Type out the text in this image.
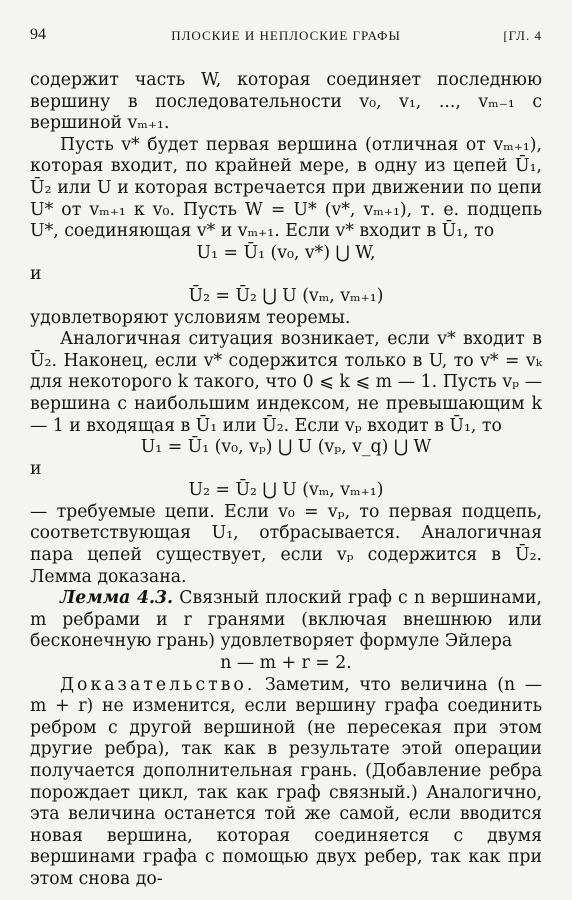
94	ПЛОСКИЕ И НЕПЛОСКИЕ ГРАФЫ	[ГЛ. 4

содержит часть W, которая соединяет последнюю вершину в последовательности v₀, v₁, ..., vₘ₋₁ с вершиной vₘ₊₁.

Пусть v* будет первая вершина (отличная от vₘ₊₁), которая входит, по крайней мере, в одну из цепей Ū₁, Ū₂ или U и которая встречается при движении по цепи U* от vₘ₊₁ к v₀. Пусть W = U* (v*, vₘ₊₁), т. е. подцепь U*, соединяющая v* и vₘ₊₁. Если v* входит в Ū₁, то

U₁ = Ū₁ (v₀, v*) ⋃ W,

и

Ū₂ = Ū₂ ⋃ U (vₘ, vₘ₊₁)

удовлетворяют условиям теоремы.

Аналогичная ситуация возникает, если v* входит в Ū₂. Наконец, если v* содержится только в U, то v* = vₖ для некоторого k такого, что 0 ⩽ k ⩽ m — 1. Пусть vₚ — вершина с наибольшим индексом, не превышающим k — 1 и входящая в Ū₁ или Ū₂. Если vₚ входит в Ū₁, то

U₁ = Ū₁ (v₀, vₚ) ⋃ U (vₚ, v_q) ⋃ W

и

U₂ = Ū₂ ⋃ U (vₘ, vₘ₊₁)

— требуемые цепи. Если v₀ = vₚ, то первая подцепь, соответствующая U₁, отбрасывается. Аналогичная пара цепей существует, если vₚ содержится в Ū₂. Лемма доказана.

Лемма 4.3. Связный плоский граф с n вершинами, m ребрами и r гранями (включая внешнюю или бесконечную грань) удовлетворяет формуле Эйлера

n — m + r = 2.

Доказательство. Заметим, что величина (n — m + r) не изменится, если вершину графа соединить ребром с другой вершиной (не пересекая при этом другие ребра), так как в результате этой операции получается дополнительная грань. (Добавление ребра порождает цикл, так как граф связный.) Аналогично, эта величина останется той же самой, если вводится новая вершина, которая соединяется с двумя вершинами графа с помощью двух ребер, так как при этом снова до-
